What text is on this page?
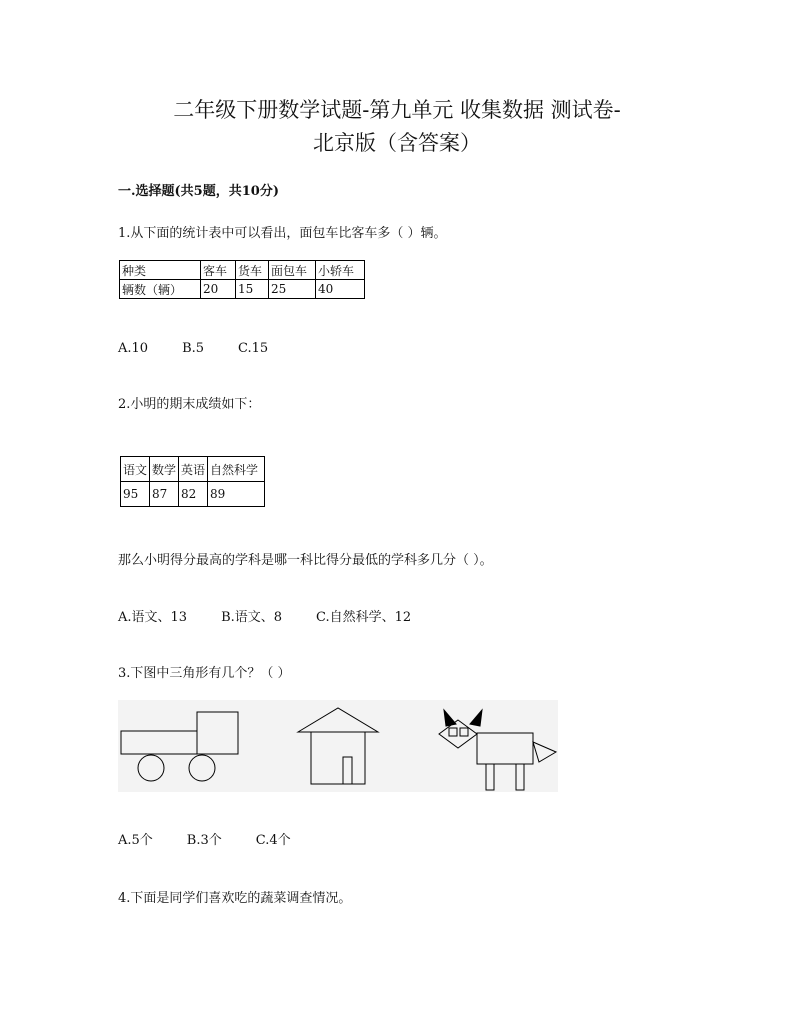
二年级下册数学试题-第九单元 收集数据 测试卷-
北京版（含答案）
一.选择题(共5题，共10分)
1.从下面的统计表中可以看出，面包车比客车多（ ）辆。
种类	客车	货车	面包车	小轿车
辆数（辆）	20	15	25	40
A.10	B.5	C.15
2.小明的期末成绩如下：
语文	数学	英语	自然科学
95	87	82	89
那么小明得分最高的学科是哪一科比得分最低的学科多几分（ ）。
A.语文、13	B.语文、8	C.自然科学、12
3.下图中三角形有几个？（ ）
A.5个	B.3个	C.4个
4.下面是同学们喜欢吃的蔬菜调查情况。
